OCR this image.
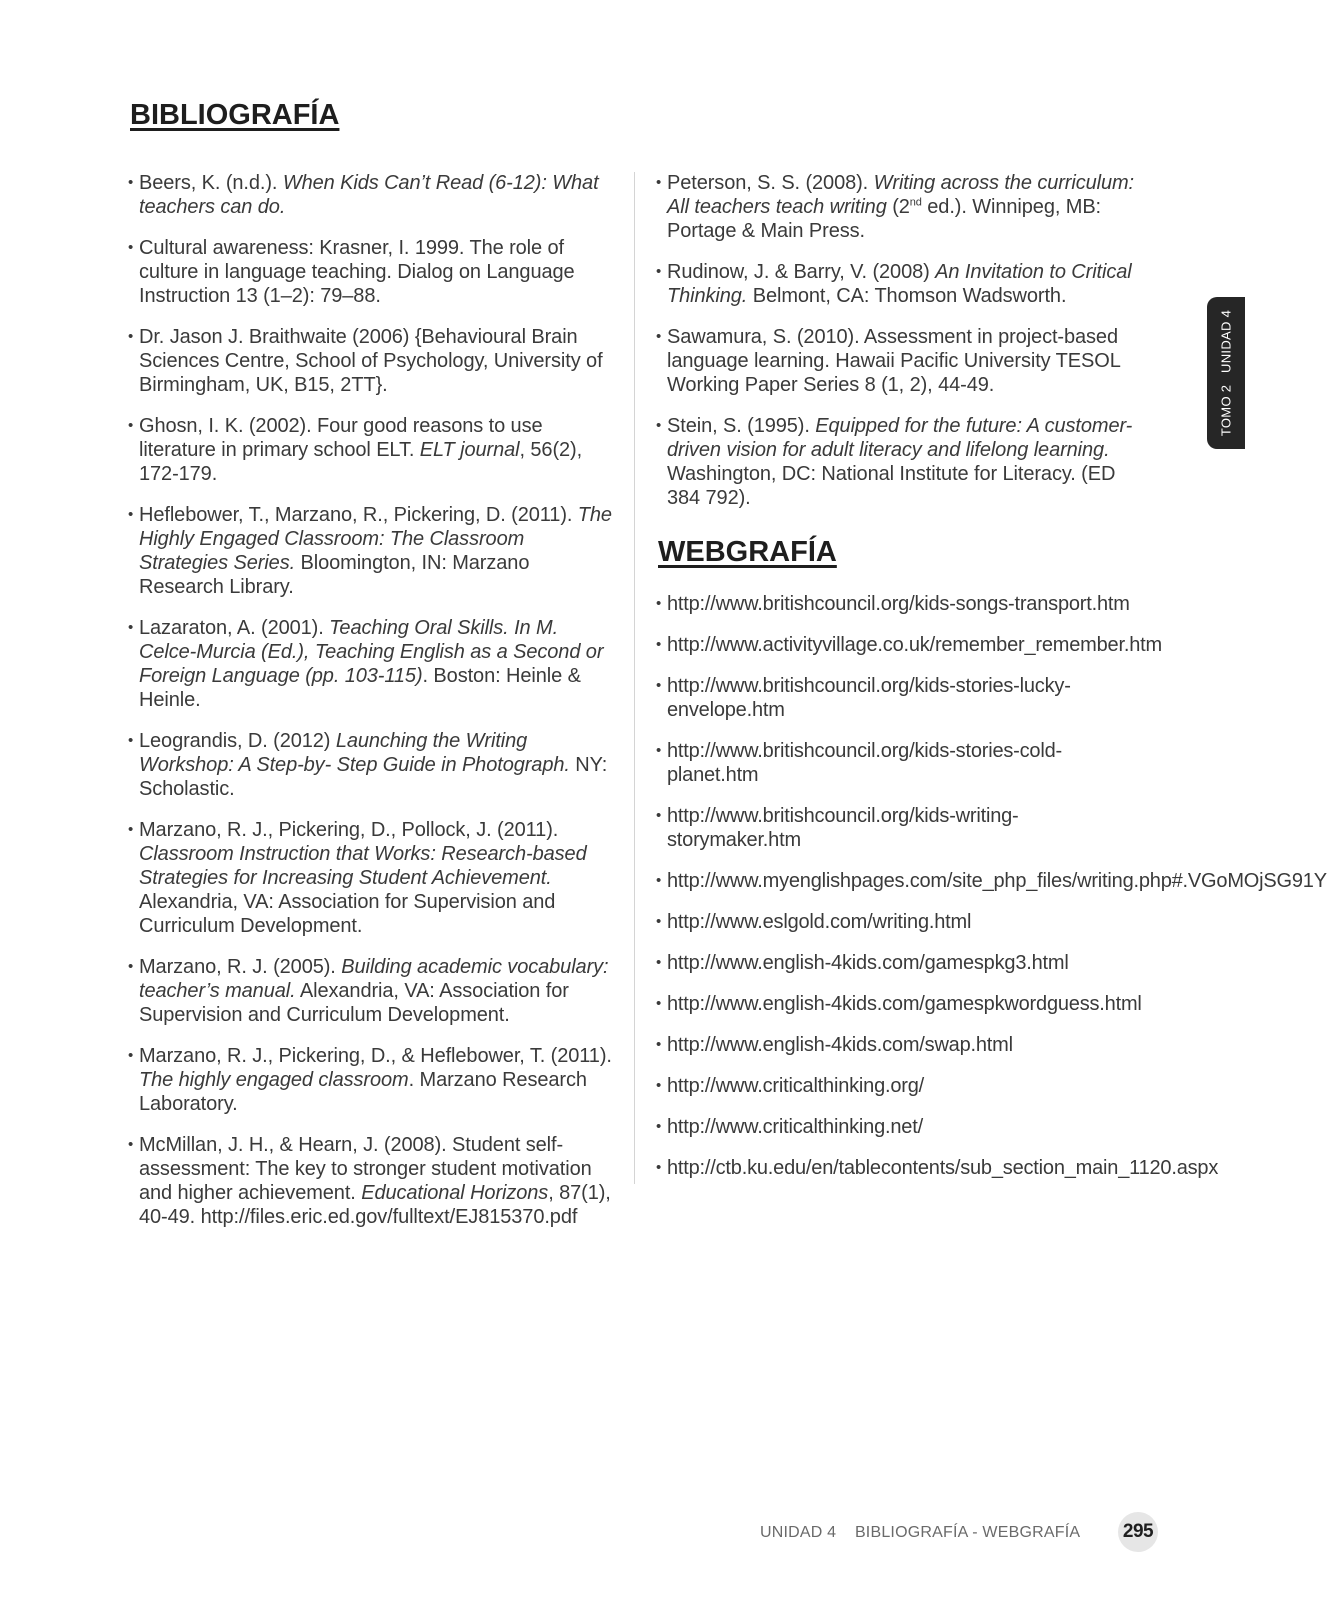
BIBLIOGRAFÍA
• Beers, K. (n.d.). When Kids Can’t Read (6-12): What teachers can do.
• Cultural awareness: Krasner, I. 1999. The role of culture in language teaching. Dialog on Language Instruction 13 (1–2): 79–88.
• Dr. Jason J. Braithwaite (2006) {Behavioural Brain Sciences Centre, School of Psychology, University of Birmingham, UK, B15, 2TT}.
• Ghosn, I. K. (2002). Four good reasons to use literature in primary school ELT. ELT journal, 56(2), 172-179.
• Heflebower, T., Marzano, R., Pickering, D. (2011). The Highly Engaged Classroom: The Classroom Strategies Series. Bloomington, IN: Marzano Research Library.
• Lazaraton, A. (2001). Teaching Oral Skills. In M. Celce-Murcia (Ed.), Teaching English as a Second or Foreign Language (pp. 103-115). Boston: Heinle & Heinle.
• Leograndis, D. (2012) Launching the Writing Workshop: A Step-by- Step Guide in Photograph. NY: Scholastic.
• Marzano, R. J., Pickering, D., Pollock, J. (2011). Classroom Instruction that Works: Research-based Strategies for Increasing Student Achievement. Alexandria, VA: Association for Supervision and Curriculum Development.
• Marzano, R. J. (2005). Building academic vocabulary: teacher’s manual. Alexandria, VA: Association for Supervision and Curriculum Development.
• Marzano, R. J., Pickering, D., & Heflebower, T. (2011). The highly engaged classroom. Marzano Research Laboratory.
• McMillan, J. H., & Hearn, J. (2008). Student self-assessment: The key to stronger student motivation and higher achievement. Educational Horizons, 87(1), 40-49. http://files.eric.ed.gov/fulltext/EJ815370.pdf
• Peterson, S. S. (2008). Writing across the curriculum: All teachers teach writing (2nd ed.). Winnipeg, MB: Portage & Main Press.
• Rudinow, J. & Barry, V. (2008) An Invitation to Critical Thinking. Belmont, CA: Thomson Wadsworth.
• Sawamura, S. (2010). Assessment in project-based language learning. Hawaii Pacific University TESOL Working Paper Series 8 (1, 2), 44-49.
• Stein, S. (1995). Equipped for the future: A customer-driven vision for adult literacy and lifelong learning. Washington, DC: National Institute for Literacy. (ED 384 792).
WEBGRAFÍA
• http://www.britishcouncil.org/kids-songs-transport.htm
• http://www.activityvillage.co.uk/remember_remember.htm
• http://www.britishcouncil.org/kids-stories-lucky-envelope.htm
• http://www.britishcouncil.org/kids-stories-cold-planet.htm
• http://www.britishcouncil.org/kids-writing-storymaker.htm
• http://www.myenglishpages.com/site_php_files/writing.php#.VGoMOjSG91Y
• http://www.eslgold.com/writing.html
• http://www.english-4kids.com/gamespkg3.html
• http://www.english-4kids.com/gamespkwordguess.html
• http://www.english-4kids.com/swap.html
• http://www.criticalthinking.org/
• http://www.criticalthinking.net/
• http://ctb.ku.edu/en/tablecontents/sub_section_main_1120.aspx
TOMO 2   UNIDAD 4
UNIDAD 4 BIBLIOGRAFÍA - WEBGRAFÍA	295
